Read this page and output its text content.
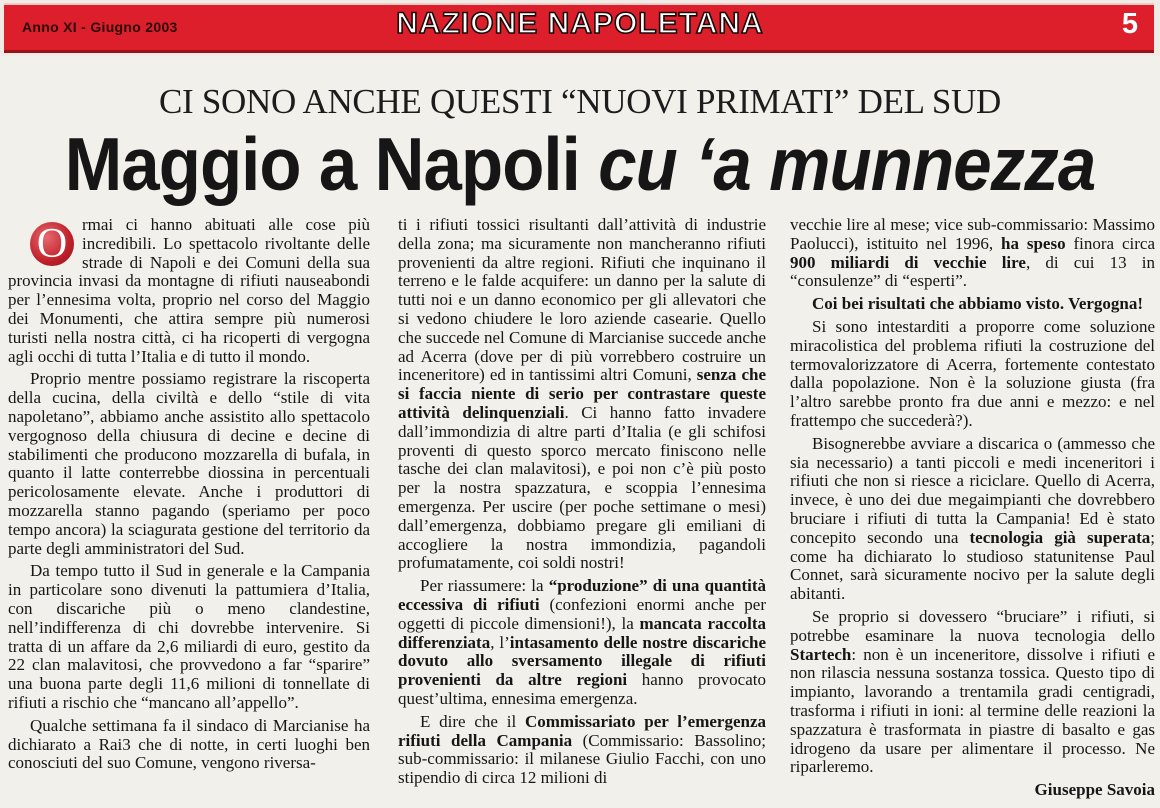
Anno XI - Giugno 2003	NAZIONE NAPOLETANA	5
CI SONO ANCHE QUESTI “NUOVI PRIMATI” DEL SUD
Maggio a Napoli cu ‘a munnezza

O rmai ci hanno abituati alle cose più incredibili. Lo spettacolo rivoltante delle strade di Napoli e dei Comuni della sua provincia invasi da montagne di rifiuti nauseabondi per l’ennesima volta, proprio nel corso del Maggio dei Monumenti, che attira sempre più numerosi turisti nella nostra città, ci ha ricoperti di vergogna agli occhi di tutta l’Italia e di tutto il mondo.

Proprio mentre possiamo registrare la riscoperta della cucina, della civiltà e dello “stile di vita napoletano”, abbiamo anche assistito allo spettacolo vergognoso della chiusura di decine e decine di stabilimenti che producono mozzarella di bufala, in quanto il latte conterrebbe diossina in percentuali pericolosamente elevate. Anche i produttori di mozzarella stanno pagando (speriamo per poco tempo ancora) la sciagurata gestione del territorio da parte degli amministratori del Sud.

Da tempo tutto il Sud in generale e la Campania in particolare sono divenuti la pattumiera d’Italia, con discariche più o meno clandestine, nell’indifferenza di chi dovrebbe intervenire. Si tratta di un affare da 2,6 miliardi di euro, gestito da 22 clan malavitosi, che provvedono a far “sparire” una buona parte degli 11,6 milioni di tonnellate di rifiuti a rischio che “mancano all’appello”.

Qualche settimana fa il sindaco di Marcianise ha dichiarato a Rai3 che di notte, in certi luoghi ben conosciuti del suo Comune, vengono riversa-

ti i rifiuti tossici risultanti dall’attività di industrie della zona; ma sicuramente non mancheranno rifiuti provenienti da altre regioni. Rifiuti che inquinano il terreno e le falde acquifere: un danno per la salute di tutti noi e un danno economico per gli allevatori che si vedono chiudere le loro aziende casearie. Quello che succede nel Comune di Marcianise succede anche ad Acerra (dove per di più vorrebbero costruire un inceneritore) ed in tantissimi altri Comuni, senza che si faccia niente di serio per contrastare queste attività delinquenziali. Ci hanno fatto invadere dall’immondizia di altre parti d’Italia (e gli schifosi proventi di questo sporco mercato finiscono nelle tasche dei clan malavitosi), e poi non c’è più posto per la nostra spazzatura, e scoppia l’ennesima emergenza. Per uscire (per poche settimane o mesi) dall’emergenza, dobbiamo pregare gli emiliani di accogliere la nostra immondizia, pagandoli profumatamente, coi soldi nostri!

Per riassumere: la “produzione” di una quantità eccessiva di rifiuti (confezioni enormi anche per oggetti di piccole dimensioni!), la mancata raccolta differenziata, l’intasamento delle nostre discariche dovuto allo sversamento illegale di rifiuti provenienti da altre regioni hanno provocato quest’ultima, ennesima emergenza.

E dire che il Commissariato per l’emergenza rifiuti della Campania (Commissario: Bassolino; sub-commissario: il milanese Giulio Facchi, con uno stipendio di circa 12 milioni di

vecchie lire al mese; vice sub-commissario: Massimo Paolucci), istituito nel 1996, ha speso finora circa 900 miliardi di vecchie lire, di cui 13 in “consulenze” di “esperti”.

Coi bei risultati che abbiamo visto. Vergogna!

Si sono intestarditi a proporre come soluzione miracolistica del problema rifiuti la costruzione del termovalorizzatore di Acerra, fortemente contestato dalla popolazione. Non è la soluzione giusta (fra l’altro sarebbe pronto fra due anni e mezzo: e nel frattempo che succederà?).

Bisognerebbe avviare a discarica o (ammesso che sia necessario) a tanti piccoli e medi inceneritori i rifiuti che non si riesce a riciclare. Quello di Acerra, invece, è uno dei due megaimpianti che dovrebbero bruciare i rifiuti di tutta la Campania! Ed è stato concepito secondo una tecnologia già superata; come ha dichiarato lo studioso statunitense Paul Connet, sarà sicuramente nocivo per la salute degli abitanti.

Se proprio si dovessero “bruciare” i rifiuti, si potrebbe esaminare la nuova tecnologia dello Startech: non è un inceneritore, dissolve i rifiuti e non rilascia nessuna sostanza tossica. Questo tipo di impianto, lavorando a trentamila gradi centigradi, trasforma i rifiuti in ioni: al termine delle reazioni la spazzatura è trasformata in piastre di basalto e gas idrogeno da usare per alimentare il processo. Ne riparleremo.

Giuseppe Savoia
